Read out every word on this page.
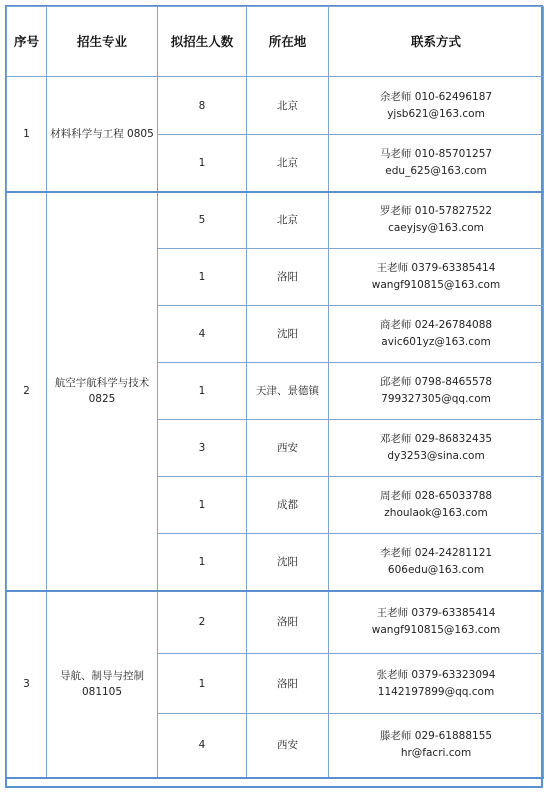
序号	招生专业	拟招生人数	所在地	联系方式
1	材料科学与工程 0805	8	北京	余老师 010-62496187
yjsb621@163.com

		1	北京	马老师 010-85701257
edu_625@163.com

2	航空宇航科学与技术 0825	5	北京	罗老师 010-57827522
caeyjsy@163.com

		1	洛阳	王老师 0379-63385414
wangf910815@163.com

		4	沈阳	商老师 024-26784088
avic601yz@163.com

		1	天津、景德镇	邱老师 0798-8465578
799327305@qq.com

		3	西安	邓老师 029-86832435
dy3253@sina.com

		1	成都	周老师 028-65033788
zhoulaok@163.com

		1	沈阳	李老师 024-24281121
606edu@163.com

3	导航、制导与控制 081105	2	洛阳	王老师 0379-63385414
wangf910815@163.com

		1	洛阳	张老师 0379-63323094
1142197899@qq.com

		4	西安	滕老师 029-61888155
hr@facri.com
